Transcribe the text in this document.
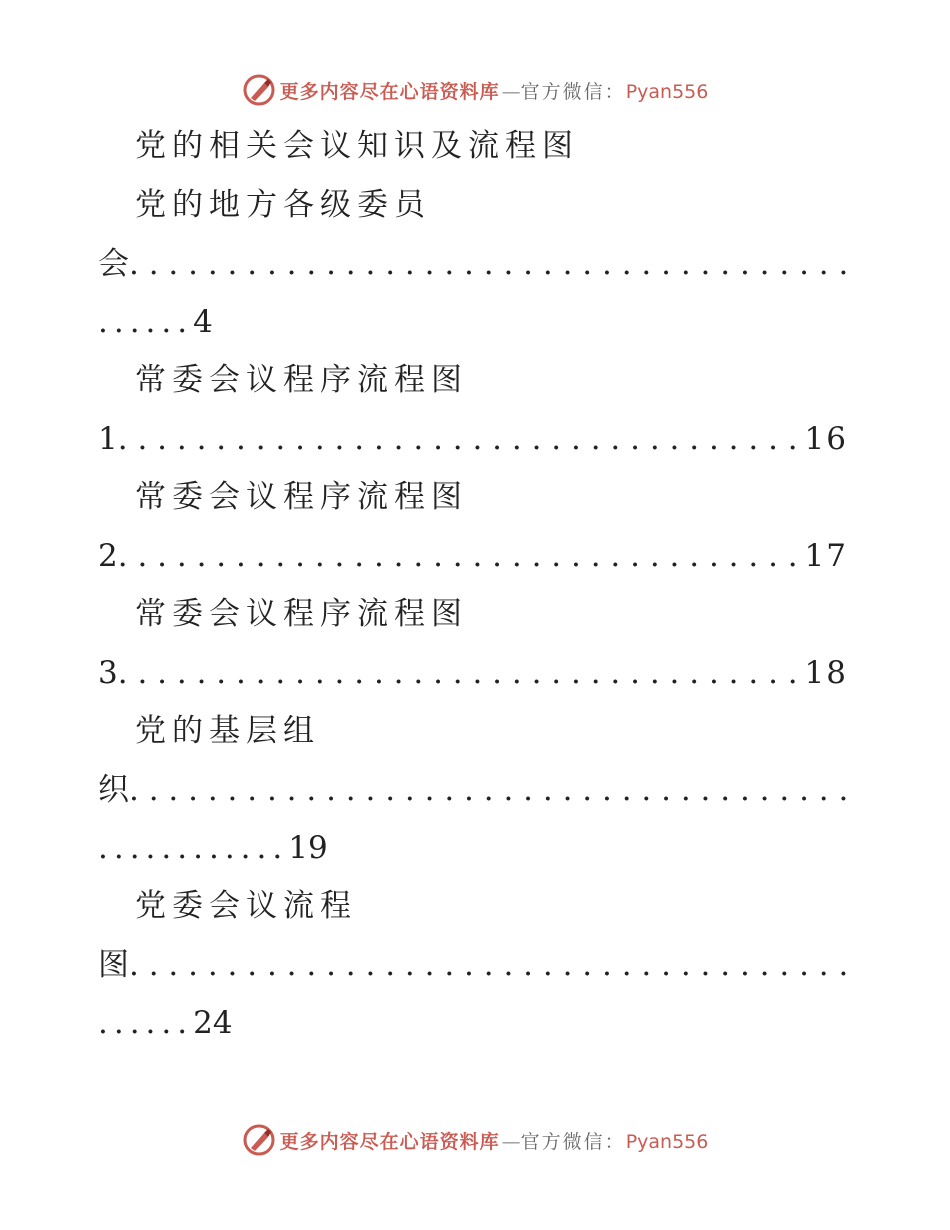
更多内容尽在心语资料库 — 官方微信：Pyan556
党的相关会议知识及流程图
党的地方各级委员
会
. . .
......4
常委会议程序流程图
1 . . .	16
常委会议程序流程图
2 . . .	17
常委会议程序流程图
3 . . .	18
党的基层组
织
. . .
............19
党委会议流程
图
. . .
......24
更多内容尽在心语资料库 — 官方微信：Pyan556
